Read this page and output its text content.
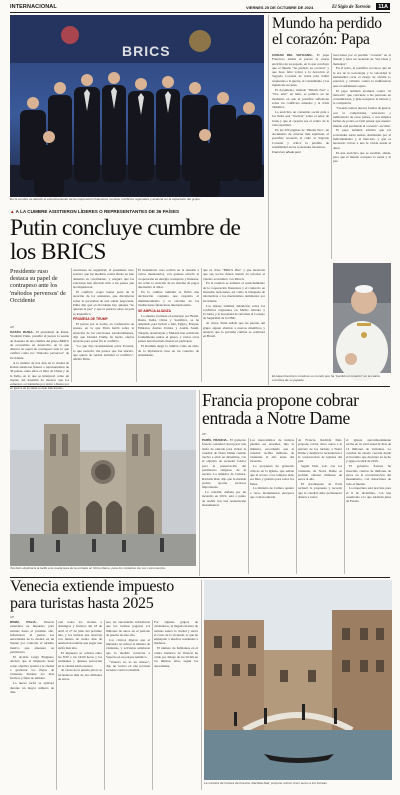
INTERNACIONAL	VIERNES 25 DE OCTUBRE DE 2024	El Siglo de Torreón	11A
BRICS
En la cumbre se abordó el estrechamiento de la cooperación financiera, resolver conflictos regionales y avanzar en la expansión del grupo.
Mundo ha perdido el corazón: Papa

CIUDAD DEL VATICANO.- El papa Francisco emitió el jueves la cuarta encíclica de su papado, en la que concluye que el mundo "ha perdido su corazón" y que hace falta volver a la devoción al Sagrado Corazón de Jesús para hallar respuestas a la guerra, el consumismo y las injusticias sociales.

El documento, titulado "Dilexit Nos" o "Nos amó" en latín, se publicó en un momento en que el pontífice reflexiona sobre los conflictos armados y la crisis climática.

La encíclica de contenido social pide a los fieles que "vuelvan" sobre el amor de Jesús y que el corazón sea el centro de la vida espiritual.

En las 220 páginas de "Dilexit Nos", un documento de carácter más espiritual, el pontífice recuerda el culto al Sagrado Corazón y critica la pérdida de sensibilidad en las sociedades modernas.

Francisco añade pero

reacciones por el perdido "corazón" en el mundo y hace un recuerdo de "sus ideas y mensajes".

En el texto, el pontífice reconoce que en la era de la tecnología y la velocidad la humanidad corre el riesgo de olvidar lo esencial, y advierte contra la indiferencia ante el sufrimiento ajeno.

El papa también arremete contra "el mercado" que convierte a las personas en consumidores, y pide recuperar la ternura y la compasión.

"Cuando vemos nuevas formas de guerra, con la complicidad, tolerancia o indiferencia de otros países, o con simples luchas de poder, es fácil pensar que nuestro mundo está perdiendo el corazón", escribió.

El papa también advirtió que las sociedades están siendo dominadas por el individualismo y el mercado, y que es necesario volver a una fe vivida desde el amor.

Es una encíclica que se escribió, añade, para que el mundo recupere la razón y la paz.

El papa Francisco condena su mundo que ha "perdido el corazón" en la cuarta encíclica de su papado.
▲ A LA CUMBRE ASISTIERON LÍDERES O REPRESENTANTES DE 36 PAÍSES
Putin concluye cumbre de los BRICS
Presidente ruso destaca su papel de contrapeso ante los 'métodos perversos' de Occidente
AP

KAZÁN, RUSIA.- El presidente de Rusia, Vladímir Putin, presidió el jueves la sesión de clausura de una cumbre del grupo BRICS de economías en desarrollo, en la que destacó su papel de contrapeso ante lo que calificó como los "métodos perversos" de Occidente.

A la cumbre de tres días en la ciudad de Kazán asistieron líderes o representantes de 36 países, entre ellos el líder de China y de la India, en lo que se interpretó como un intento del Kremlin de mostrar que los esfuerzos occidentales por aislar a Rusia por su guerra en Ucrania no han funcionado.

cuestiones de seguridad; el presidente ruso sostuvo que las medidas contra Rusia no han detenido su crecimiento, y aseguró que las sanciones han afectado más a los países que las impusieron.

El conflicto ocupó buena parte de la atención de los asistentes, que discutieron sobre la necesidad de una salida negociada. Putin dijo que en Occidente hay quienes "no quieren la paz" y que la presión sobre su país se intensificó.

PROMESA DE TRUMP

El jueves por la noche, en conferencia de prensa, en la que Putin habló sobre la situación de las elecciones estadounidenses, dijo que Donald Trump ha hecho ofertas sinceras para poner fin al conflicto.

"Lo que dijo recientemente sobre Ucrania, lo que escuchó, me parece que fue sincero, que quiere de verdad terminar el conflicto", afirmó Putin.

El mandatario ruso recibió en la reunión a varios mandatarios, con quienes abordó la cooperación en energía, transporte y finanzas, así como la creación de un sistema de pagos alternativo al dólar.

En la cumbre también se firmó una declaración conjunta que respalda el multilateralismo y la reforma de las instituciones financieras internacionales.

SE AMPLÍA ALIANZA

La alianza, formada en principio por Brasil, Rusia, India, China y Sudáfrica, se ha ampliado para incluir a Irán, Egipto, Etiopía, Emiratos Árabes Unidos y Arabia Saudí. Turquía, Azerbaiyán y Malasia han solicitado formalmente unirse al grupo, y varios otros países han mostrado interés en participar.

El Kremlin alegó la cumbre como un éxito de la diplomacia rusa en un contexto de aislamiento.

que es clave "BRICS Plus" y que mostraba que sus socios tienen interés en reforzar el vínculo económico con Moscú.

En la reunión se enfatizó el estrechamiento de la cooperación financiera y el comercio en monedas nacionales, así como la búsqueda de alternativas a los mecanismos dominados por Occidente.

Los líderes también debatieron sobre los conflictos regionales en Medio Oriente y Ucrania, y la necesidad de reformar el Consejo de Seguridad de la ONU.

Al cierre, Putin señaló que las puertas del grupo siguen abiertas a nuevos miembros y anunció que la próxima cumbre se celebrará en Brasil.

También duplicaría la tarifa a la cuarta tasa de la entrada en Notre Dame, para los visitantes de sus monumentos.
Francia propone cobrar entrada a Notre Dame
AP

PARÍS, FRANCIA.- El gobierno francés consideró incorporar una tarifa de entrada para visitar la catedral de Notre Dame cuando vuelva a abrir en diciembre, con el objetivo de recaudar fondos para la preservación del patrimonio religioso de la nación. La ministra de Cultura, Rachida Dati, dijo que la medida podría aportar recursos importantes.

La catedral, dañada por un incendio en 2019, está a punto de reabrir tras una restauración monumental.

Los intercambios de turistas pueden ser enormes, dijo la ministra, recordando que la catedral recibía millones de visitantes al año antes del incendio.

La propuesta ha generado críticas de la Iglesia, que señala que el acceso a los templos debe ser libre y gratuito para todos los fieles.

La ministra de Cultura apuntó a otros monumentos europeos que cobran entrada.

de Francia, Rachida Dati, propone cobrar cinco euros a la entrada de los turistas a Notre Dame y destinar la recaudación a la conservación de iglesias del país.

Según Dati, solo con los visitantes de Notre Dame se podrían obtener millones de euros al año.

El arzobispado de París rechazó la propuesta y recordó que la catedral debe permanecer abierta a todos.

el iglesia aproximadamente recibe en su total anual de más de 14 millones de visitantes. La catedral ha estado cerrada desde el incendio que destruyó su techo y aguja en abril de 2019.

El gobierno francés ha invertido cientos de millones de euros en la reconstrucción del monumento, con donaciones de todo el mundo.

La reapertura está prevista para el 8 de diciembre, con una ceremonia a la que asistirán jefes de Estado.

Venecia extiende impuesto para turistas hasta 2025
AP

ROMA, ITALIA.- Venecia extenderá su impuesto para turistas hasta el próximo año, informaron el jueves las autoridades de la ciudad, en un intento por controlar el turismo masivo que amenaza su patrimonio.

El alcalde Luigi Brugnaro declaró que el impuesto tiene como objetivo ayudar a la ciudad a gestionar los flujos de visitantes durante los días festivos y fines de semana.

La nueva tarifa se aplicará durante un mayor número de días.

casi todos los viernes a domingos y festivos del 18 de abril al 27 de julio del próximo año, y los turistas que reserven con menos de cuatro días de antelación tendrán que pagar una tarifa más alta.

El impuesto se cobrará entre las 8:30 y las 16:00 horas y los residentes y quienes pernocten en la ciudad están exentos.

Al cierre de la prueba piloto se recaudaron más de dos millones de euros.

nes, las autoridades informaron que los turistas pagaron 2.4 millones de euros en el periodo de prueba de este año.

Los críticos dijeron que el impuesto no reduce el número de visitantes, y activistas señalaron que la medida convierte a Venecia en un parque temático.

"Venecia no es un museo", dijo un vecino en una protesta reciente contra la medida.

Por algunas grupos de ciudadanos, la llegada masiva de turistas satura la ciudad y eleva el costo de la vivienda, lo que ha empujado a muchos residentes a mudarse.

El número de habitantes en el centro histórico de Venecia ha caído por debajo de los 50 mil en los últimos años, según las autoridades.

La ministra de Cultura de Francia, Rachida Dati, propone cobrar cinco euros a los turistas.
